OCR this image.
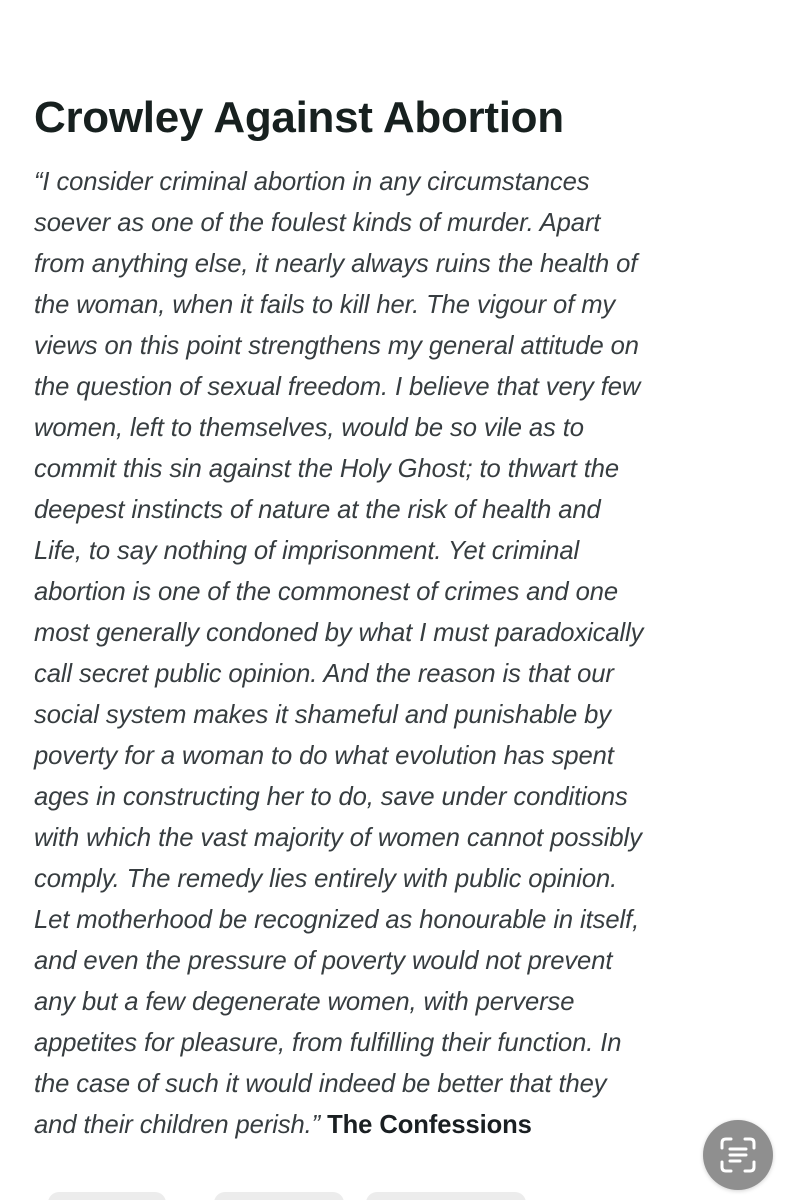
Crowley Against Abortion
“I consider criminal abortion in any circumstances
soever as one of the foulest kinds of murder. Apart
from anything else, it nearly always ruins the health of
the woman, when it fails to kill her. The vigour of my
views on this point strengthens my general attitude on
the question of sexual freedom. I believe that very few
women, left to themselves, would be so vile as to
commit this sin against the Holy Ghost; to thwart the
deepest instincts of nature at the risk of health and
Life, to say nothing of imprisonment. Yet criminal
abortion is one of the commonest of crimes and one
most generally condoned by what I must paradoxically
call secret public opinion. And the reason is that our
social system makes it shameful and punishable by
poverty for a woman to do what evolution has spent
ages in constructing her to do, save under conditions
with which the vast majority of women cannot possibly
comply. The remedy lies entirely with public opinion.
Let motherhood be recognized as honourable in itself,
and even the pressure of poverty would not prevent
any but a few degenerate women, with perverse
appetites for pleasure, from fulfilling their function. In
the case of such it would indeed be better that they
and their children perish.” The Confessions
